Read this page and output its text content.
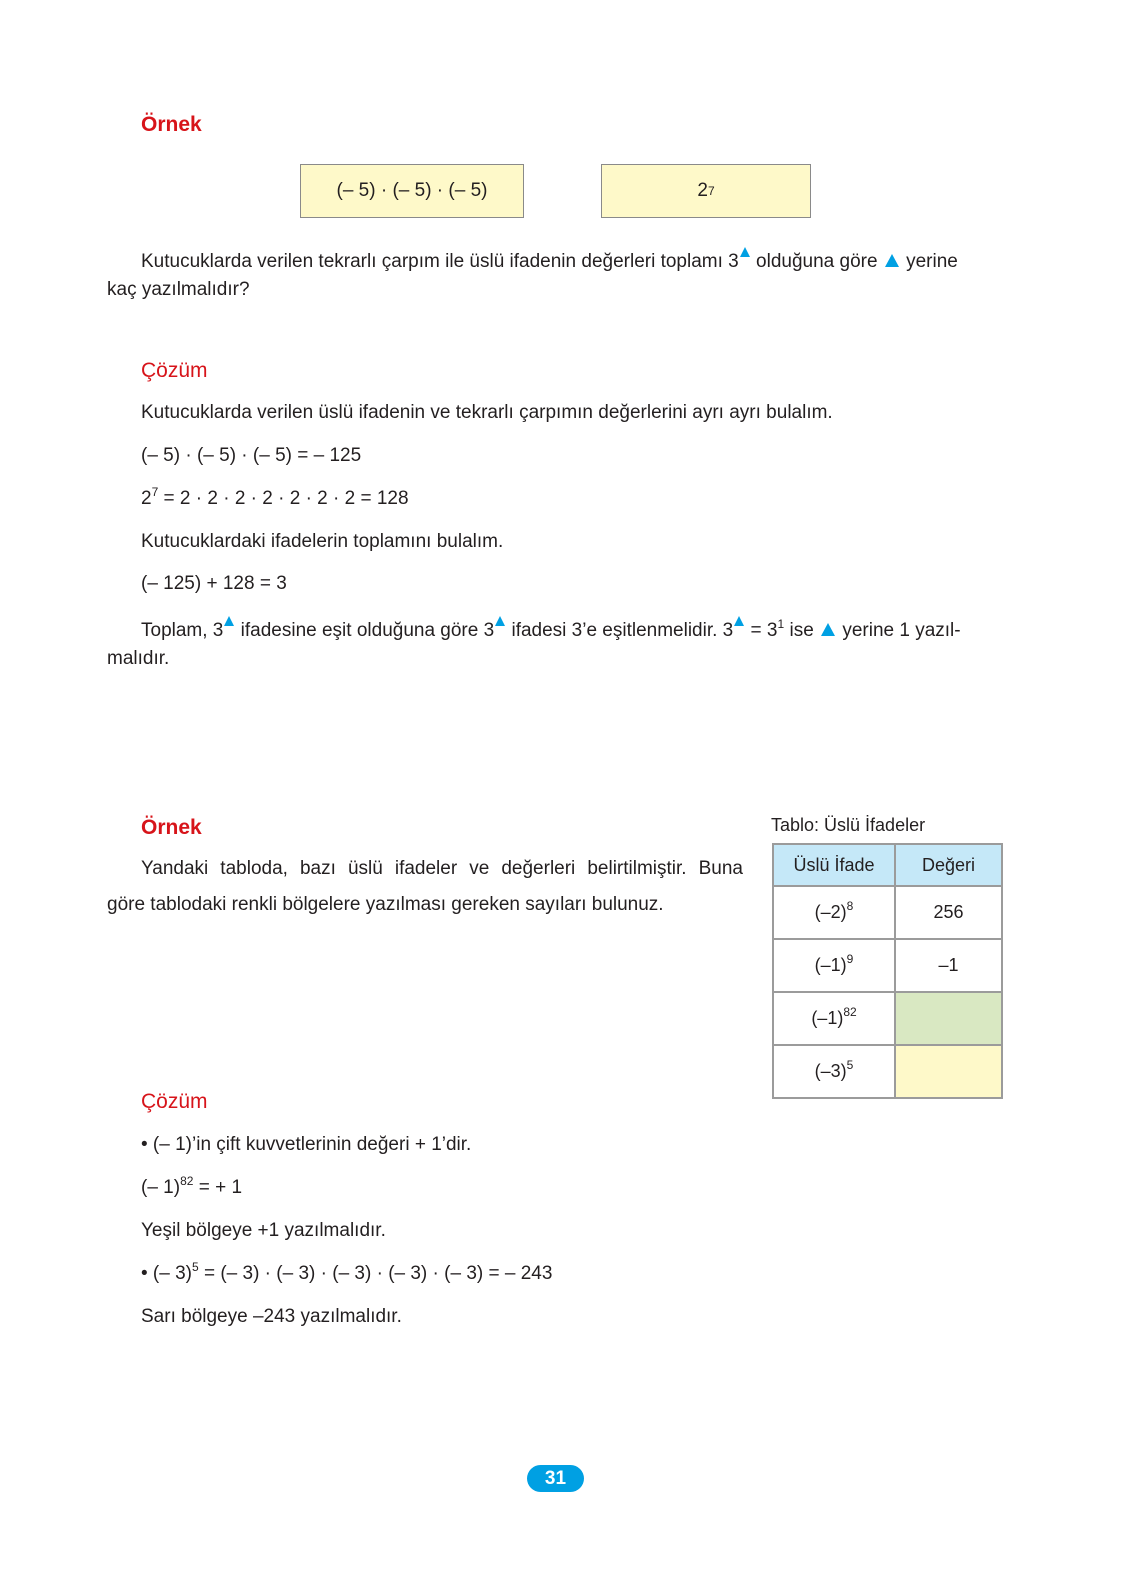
Örnek
(– 5) · (– 5) · (– 5)	2 7
Kutucuklarda verilen tekrarlı çarpım ile üslü ifadenin değerleri toplamı 3 olduğuna göre  yerine
kaç yazılmalıdır?
Çözüm
Kutucuklarda verilen üslü ifadenin ve tekrarlı çarpımın değerlerini ayrı ayrı bulalım.
(– 5) · (– 5) · (– 5) = – 125
$2^7 = 2 \cdot 2 \cdot 2 \cdot 2 \cdot 2 \cdot 2 \cdot 2 = 128$
Kutucuklardaki ifadelerin toplamını bulalım.
(– 125) + 128 = 3
Toplam, 3 ifadesine eşit olduğuna göre 3 ifadesi 3’e eşitlenmelidir. $3 = 3^1$ ise  yerine 1 yazıl-
malıdır.
Örnek
Yandaki tabloda, bazı üslü ifadeler ve değerleri belirtilmiştir. Buna
göre tablodaki renkli bölgelere yazılması gereken sayıları bulunuz.
Tablo: Üslü İfadeler
Üslü İfade	Değeri
$(-2)^8$	256
$(-1)^9$	–1
$(-1)^{82}$	
$(-3)^5$	
Çözüm
• (– 1)’in çift kuvvetlerinin değeri + 1’dir.
(– 1)$^{82}$ = + 1
Yeşil bölgeye +1 yazılmalıdır.
• (– 3)$^5$ = (– 3) · (– 3) · (– 3) · (– 3) · (– 3) = – 243
Sarı bölgeye –243 yazılmalıdır.
31
